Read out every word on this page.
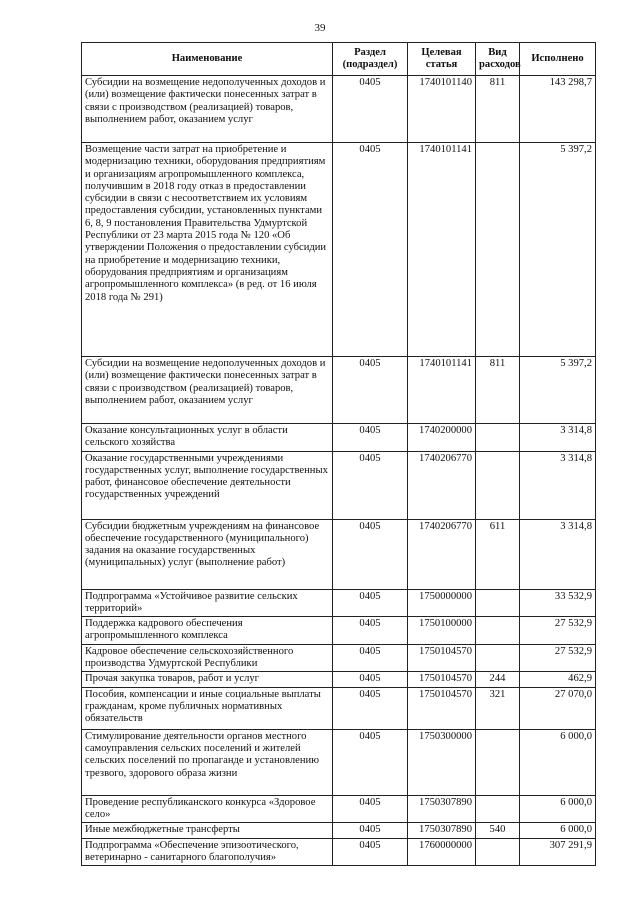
39
Наименование	Раздел (подраздел)	Целевая статья	Вид расходов	Исполнено
Субсидии на возмещение недополученных доходов и (или) возмещение фактически понесенных затрат в связи с производством (реализацией) товаров, выполнением работ, оказанием услуг	0405	1740101140	811	143 298,7
Возмещение части затрат на приобретение и модернизацию техники, оборудования предприятиям и организациям агропромышленного комплекса, получившим в 2018 году отказ в предоставлении субсидии в связи с несоответствием их условиям предоставления субсидии, установленных пунктами 6, 8, 9 постановления Правительства Удмуртской Республики от 23 марта 2015 года № 120 «Об утверждении Положения о предоставлении субсидии на приобретение и модернизацию техники, оборудования предприятиям и организациям агропромышленного комплекса» (в ред. от 16 июля 2018 года № 291)	0405	1740101141		5 397,2
Субсидии на возмещение недополученных доходов и (или) возмещение фактически понесенных затрат в связи с производством (реализацией) товаров, выполнением работ, оказанием услуг	0405	1740101141	811	5 397,2
Оказание консультационных услуг в области сельского хозяйства	0405	1740200000		3 314,8
Оказание государственными учреждениями государственных услуг, выполнение государственных работ, финансовое обеспечение деятельности государственных учреждений	0405	1740206770		3 314,8
Субсидии бюджетным учреждениям на финансовое обеспечение государственного (муниципального) задания на оказание государственных (муниципальных) услуг (выполнение работ)	0405	1740206770	611	3 314,8
Подпрограмма «Устойчивое развитие сельских территорий»	0405	1750000000		33 532,9
Поддержка кадрового обеспечения агропромышленного комплекса	0405	1750100000		27 532,9
Кадровое обеспечение сельскохозяйственного производства Удмуртской Республики	0405	1750104570		27 532,9
Прочая закупка товаров, работ и услуг	0405	1750104570	244	462,9
Пособия, компенсации и иные социальные выплаты гражданам, кроме публичных нормативных обязательств	0405	1750104570	321	27 070,0
Стимулирование деятельности органов местного самоуправления сельских поселений и жителей сельских поселений по пропаганде и установлению трезвого, здорового образа жизни	0405	1750300000		6 000,0
Проведение республиканского конкурса «Здоровое село»	0405	1750307890		6 000,0
Иные межбюджетные трансферты	0405	1750307890	540	6 000,0
Подпрограмма «Обеспечение эпизоотического, ветеринарно - санитарного благополучия»	0405	1760000000		307 291,9
